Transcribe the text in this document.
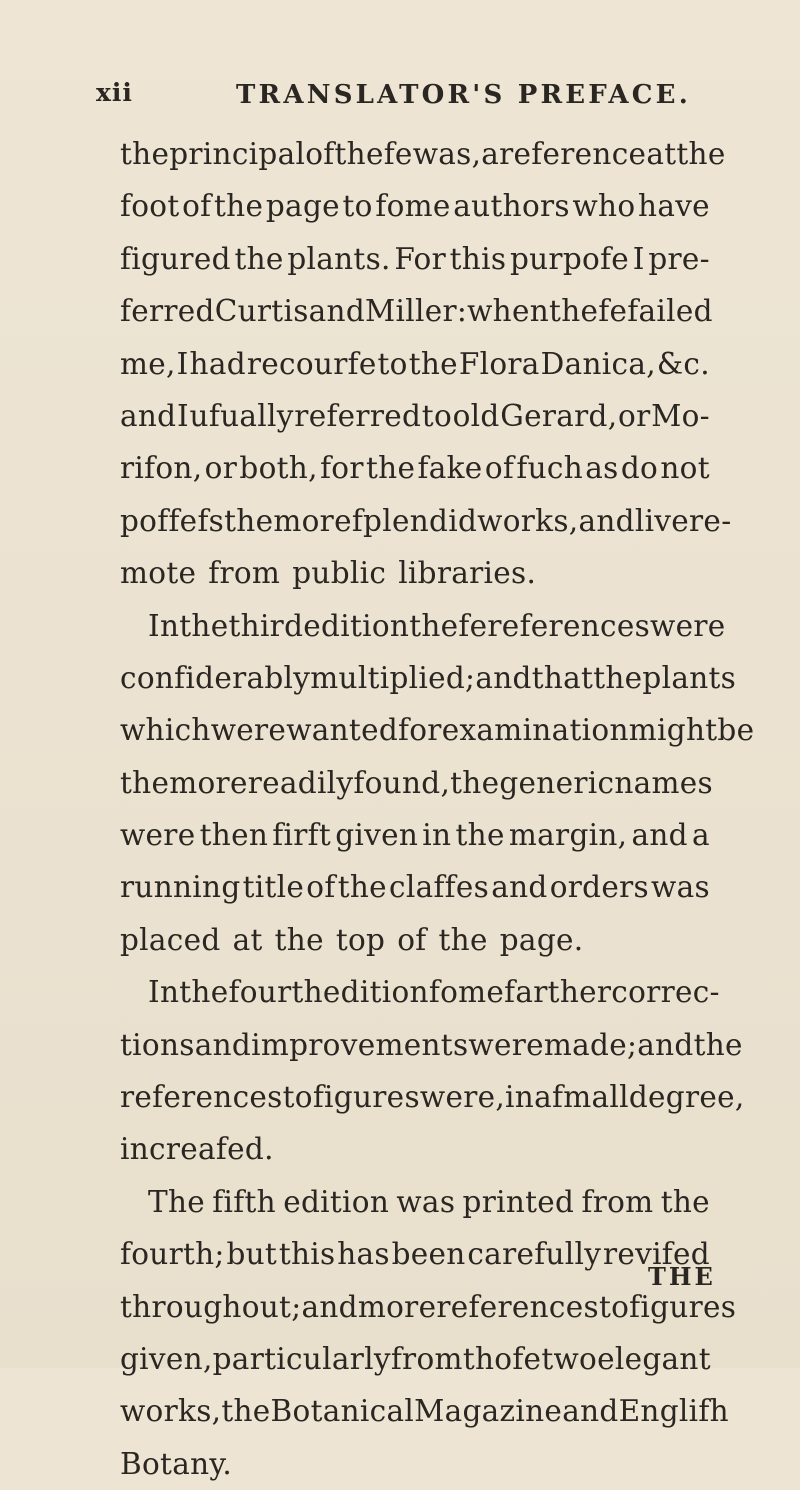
xii	TRANSLATOR'S PREFACE.
the principal of thefe was, a reference at the
foot of the page to fome authors who have
figured the plants. For this purpofe I pre-
ferred Curtis and Miller: when thefe failed
me, I had recourfe to the Flora Danica, &c.
and I ufually referred to old Gerard, or Mo-
rifon, or both, for the fake of fuch as do not
poffefs the more fplendid works, and live re-
mote from public libraries.
In the third edition thefe references were
confiderably multiplied; and that the plants
which were wanted for examination might be
the more readily found, the generic names
were then firft given in the margin, and a
running title of the claffes and orders was
placed at the top of the page.
In the fourth edition fome farther correc-
tions and improvements were made; and the
references to figures were, in a fmall degree,
increafed.
The fifth edition was printed from the
fourth; but this has been carefully revifed
throughout; and more references to figures
given, particularly from thofe two elegant
works, the Botanical Magazine and Englifh
Botany.
THE
